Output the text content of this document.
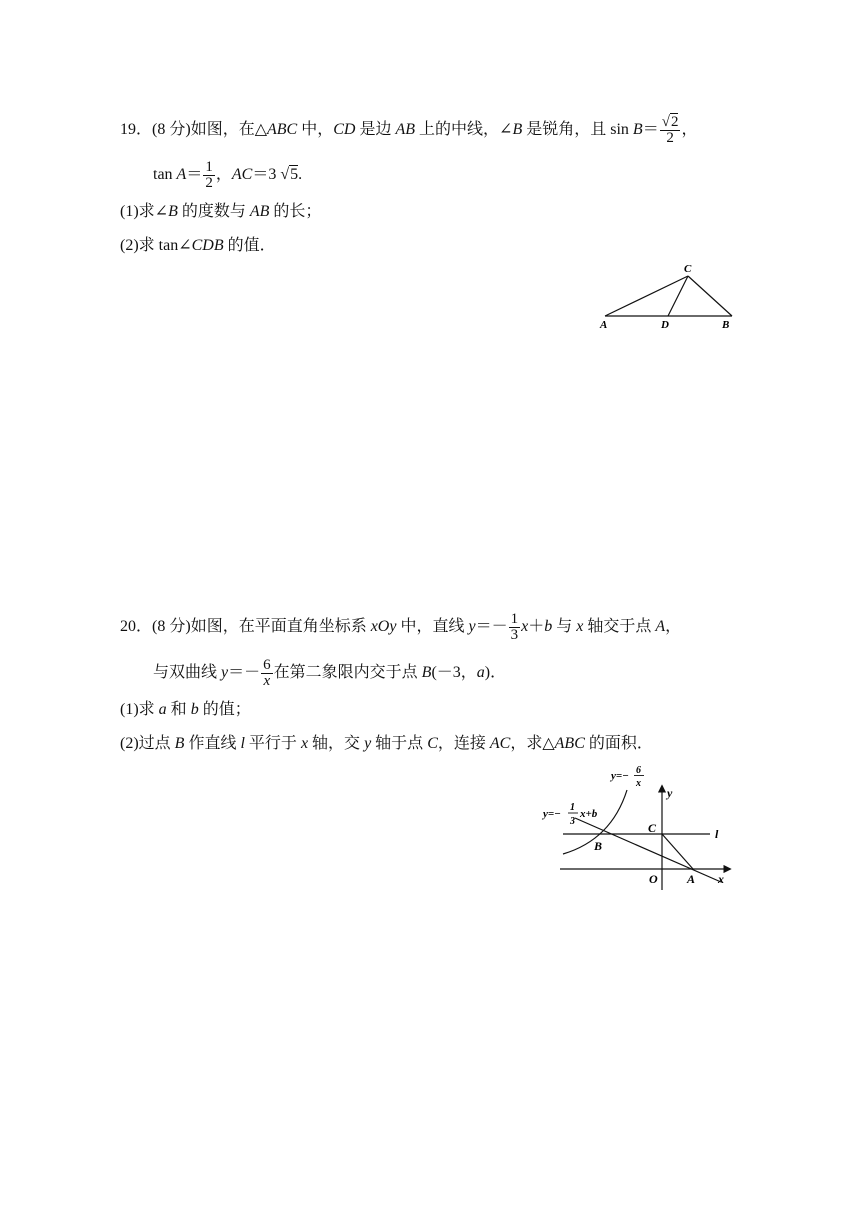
19．(8 分)如图，在△ABC 中，CD 是边 AB 上的中线，∠B 是锐角，且 $\sin B= \frac{√2}{2}$ ，
$\tan A= \frac{1}{2}$ ，AC＝3 √5.
(1)求∠B 的度数与 AB 的长；
(2)求 tan∠CDB 的值．
A	D	B
C
20．(8 分)如图，在平面直角坐标系 xOy 中，直线 $y=- \frac{1}{3} x+b$ 与 x 轴交于点 A，
与双曲线 $y=- \frac{6}{x}$ 在第二象限内交于点 B(－3，a)．
(1)求 a 和 b 的值；
(2)过点 B 作直线 l 平行于 x 轴，交 y 轴于点 C，连接 AC，求△ABC 的面积．
y
x
O A
B
C	l
y=− 6
x
y=−
1
3
x+b
